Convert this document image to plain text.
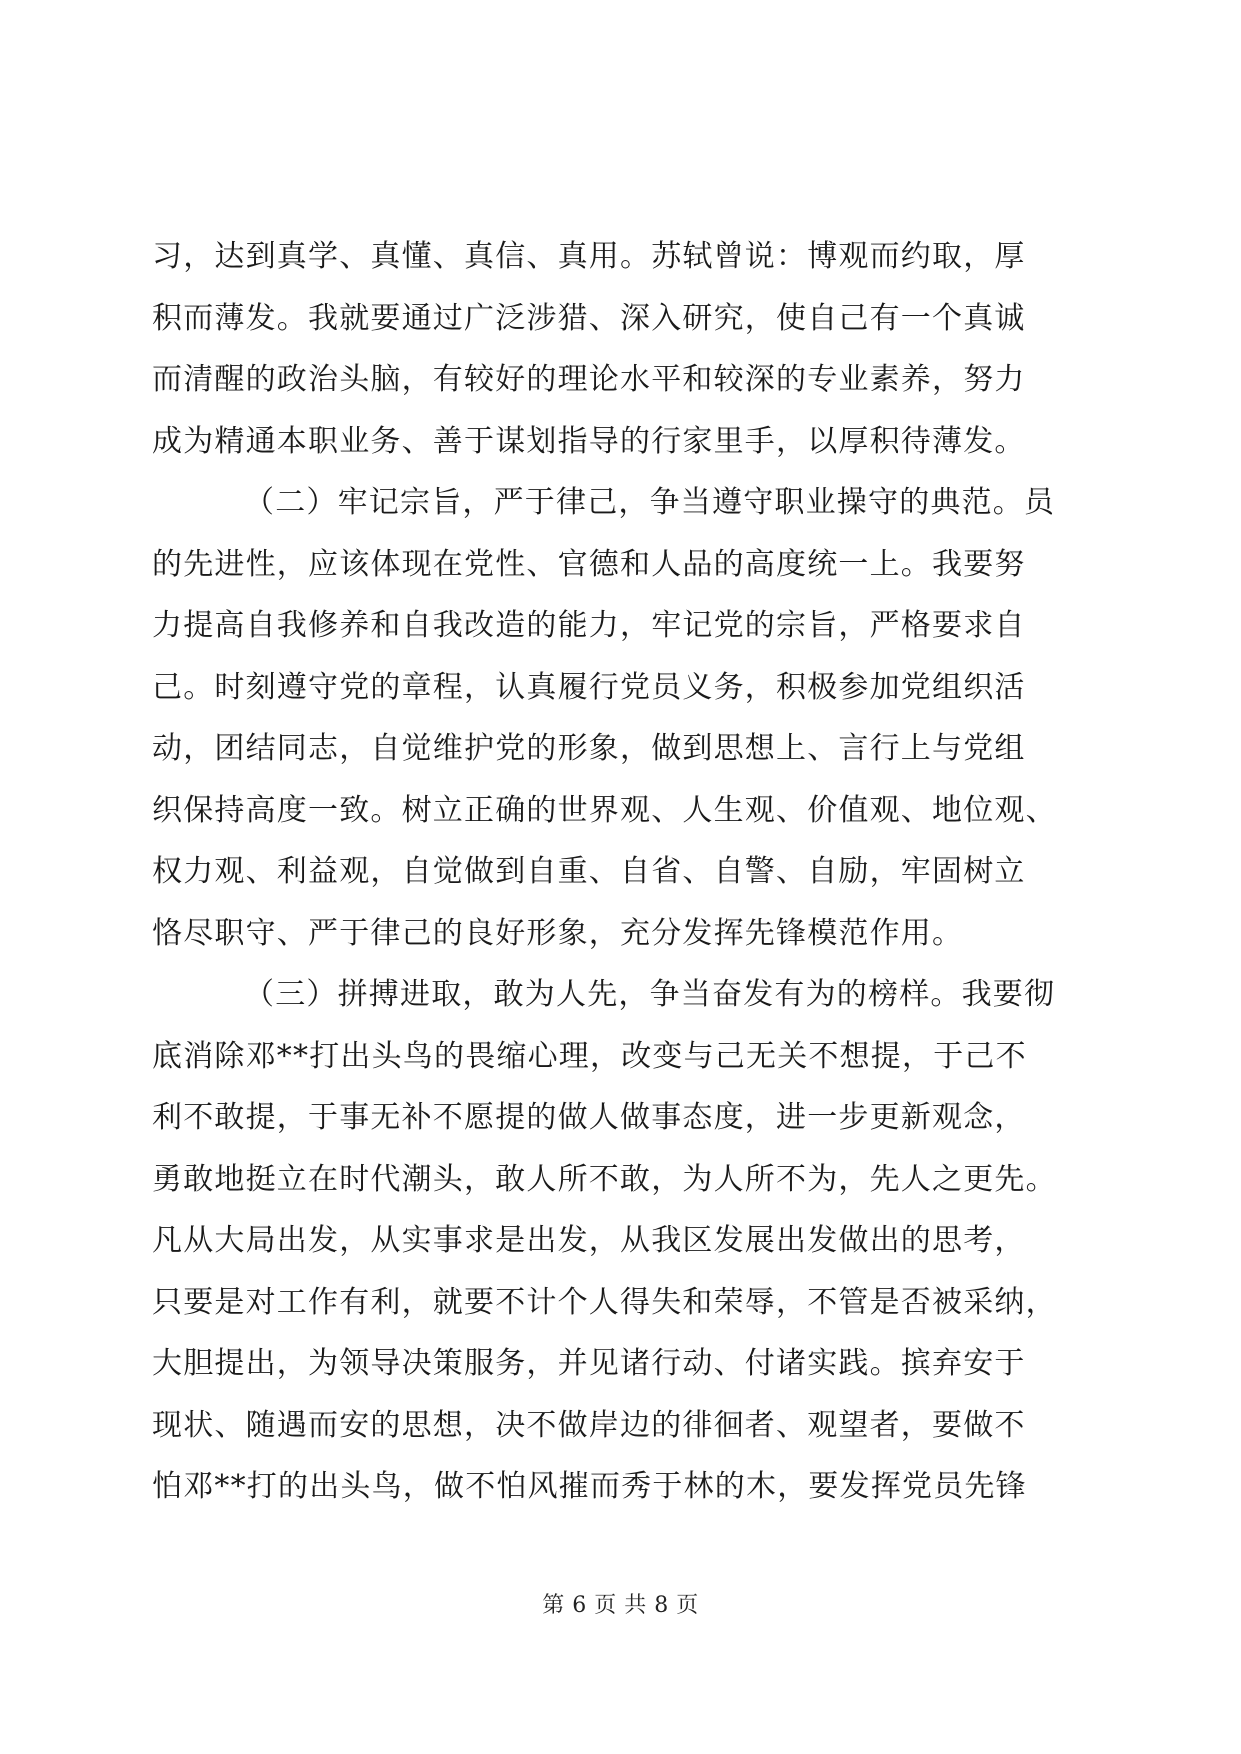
习，达到真学、真懂、真信、真用。苏轼曾说：博观而约取，厚
积而薄发。我就要通过广泛涉猎、深入研究，使自己有一个真诚
而清醒的政治头脑，有较好的理论水平和较深的专业素养，努力
成为精通本职业务、善于谋划指导的行家里手，以厚积待薄发。
（二）牢记宗旨，严于律己，争当遵守职业操守的典范。员
的先进性，应该体现在党性、官德和人品的高度统一上。我要努
力提高自我修养和自我改造的能力，牢记党的宗旨，严格要求自
己。时刻遵守党的章程，认真履行党员义务，积极参加党组织活
动，团结同志，自觉维护党的形象，做到思想上、言行上与党组
织保持高度一致。树立正确的世界观、人生观、价值观、地位观、
权力观、利益观，自觉做到自重、自省、自警、自励，牢固树立
恪尽职守、严于律己的良好形象，充分发挥先锋模范作用。
（三）拼搏进取，敢为人先，争当奋发有为的榜样。我要彻
底消除邓**打出头鸟的畏缩心理，改变与己无关不想提，于己不
利不敢提，于事无补不愿提的做人做事态度，进一步更新观念，
勇敢地挺立在时代潮头，敢人所不敢，为人所不为，先人之更先。
凡从大局出发，从实事求是出发，从我区发展出发做出的思考，
只要是对工作有利，就要不计个人得失和荣辱，不管是否被采纳，
大胆提出，为领导决策服务，并见诸行动、付诸实践。摈弃安于
现状、随遇而安的思想，决不做岸边的徘徊者、观望者，要做不
怕邓**打的出头鸟，做不怕风摧而秀于林的木，要发挥党员先锋
第 6 页 共 8 页
